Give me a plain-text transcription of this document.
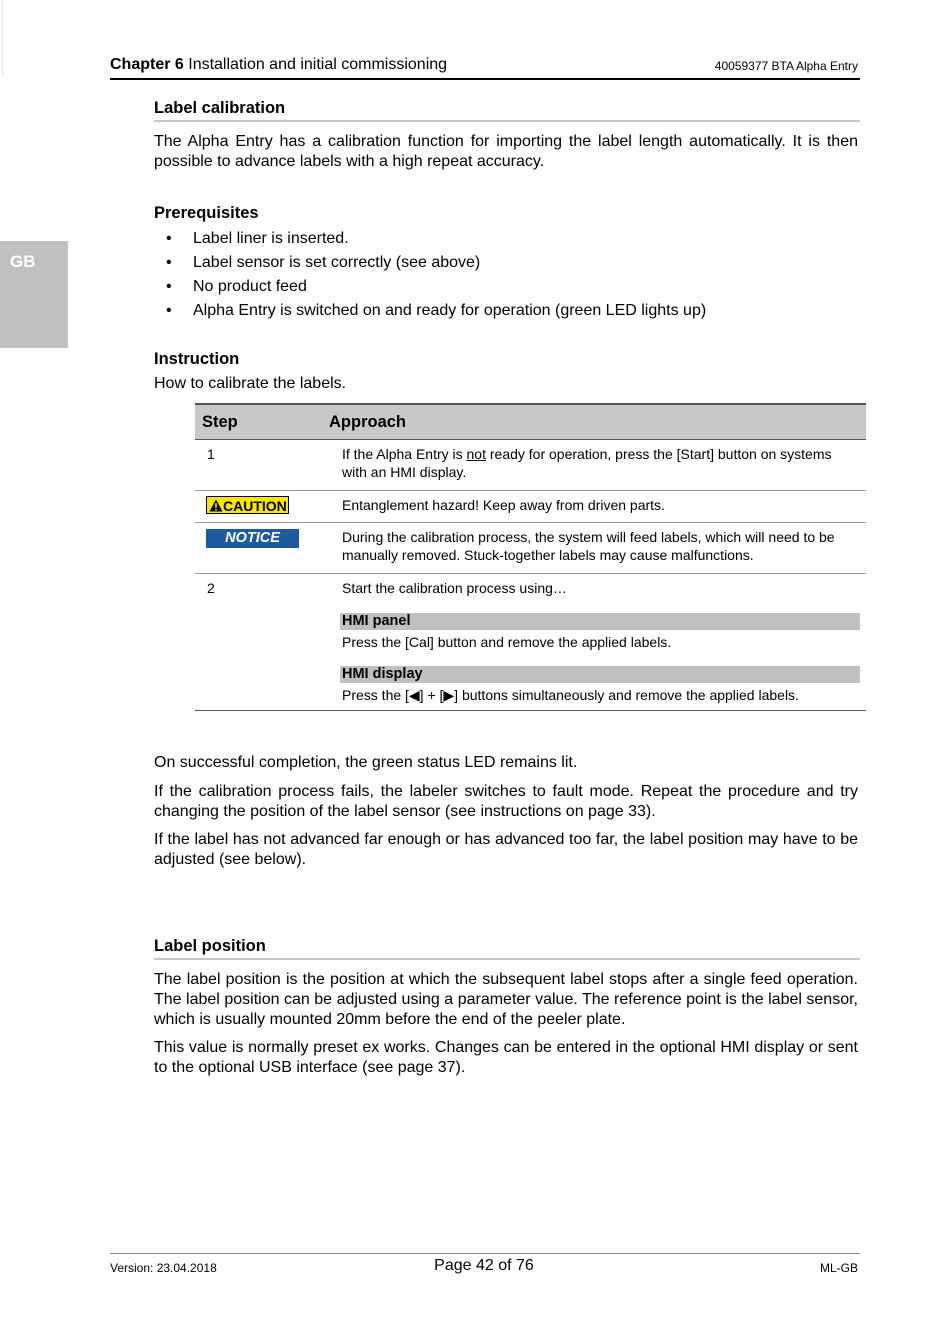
GB
Chapter 6 Installation and initial commissioning	40059377 BTA Alpha Entry
Label calibration

The Alpha Entry has a calibration function for importing the label length automatically. It is then possible to advance labels with a high repeat accuracy.

Prerequisites
• Label liner is inserted.
• Label sensor is set correctly (see above)
• No product feed
• Alpha Entry is switched on and ready for operation (green LED lights up)
Instruction

How to calibrate the labels.

Step Approach	

1	If the Alpha Entry is not ready for operation, press the [Start] button on systems with an HMI display.
CAUTION	Entanglement hazard! Keep away from driven parts.
NOTICE	During the calibration process, the system will feed labels, which will need to be manually removed. Stuck-together labels may cause malfunctions.
2	Start the calibration process using…
HMI panel
Press the [Cal] button and remove the applied labels.
HMI display
Press the [◀] + [▶] buttons simultaneously and remove the applied labels.

On successful completion, the green status LED remains lit.

If the calibration process fails, the labeler switches to fault mode. Repeat the procedure and try changing the position of the label sensor (see instructions on page 33).

If the label has not advanced far enough or has advanced too far, the label position may have to be adjusted (see below).

Label position

The label position is the position at which the subsequent label stops after a single feed operation. The label position can be adjusted using a parameter value. The reference point is the label sensor, which is usually mounted 20mm before the end of the peeler plate.

This value is normally preset ex works. Changes can be entered in the optional HMI display or sent to the optional USB interface (see page 37).

Version: 23.04.2018	Page 42 of 76	ML-GB
